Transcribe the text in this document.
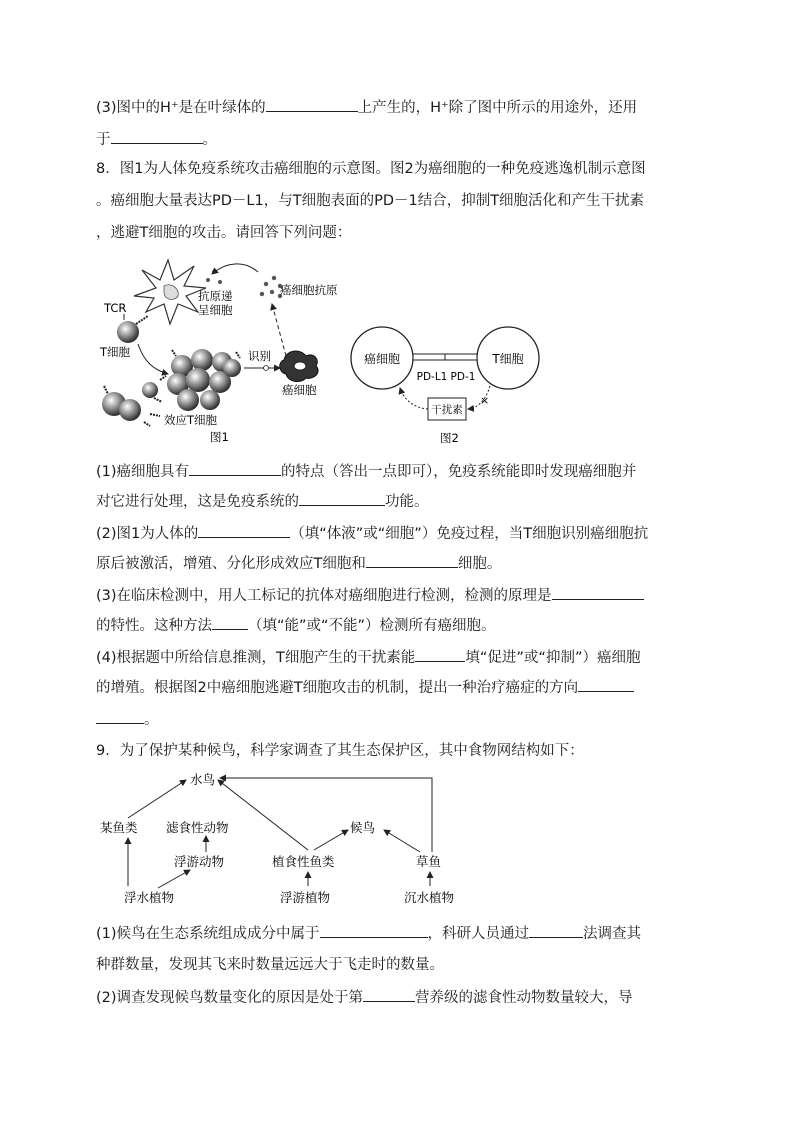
(3)图中的H⁺是在叶绿体的	上产生的，H⁺除了图中所示的用途外，还用
于	。
8．图1为人体免疫系统攻击癌细胞的示意图。图2为癌细胞的一种免疫逃逸机制示意图
。癌细胞大量表达PD－L1，与T细胞表面的PD－1结合，抑制T细胞活化和产生干扰素
，逃避T细胞的攻击。请回答下列问题：
癌细胞抗原
抗原递
呈细胞
TCR
T细胞
效应T细胞
识别
癌细胞
图1
癌细胞	T细胞
PD-L1 PD-1
干扰素
×
图2
(1)癌细胞具有	的特点（答出一点即可），免疫系统能即时发现癌细胞并
对它进行处理，这是免疫系统的	功能。
(2)图1为人体的	（填“体液”或“细胞”）免疫过程，当T细胞识别癌细胞抗
原后被激活，增殖、分化形成效应T细胞和	细胞。
(3)在临床检测中，用人工标记的抗体对癌细胞进行检测，检测的原理是
的特性。这种方法 （填“能”或“不能”）检测所有癌细胞。
(4)根据题中所给信息推测，T细胞产生的干扰素能	填“促进”或“抑制”）癌细胞
的增殖。根据图2中癌细胞逃避T细胞攻击的机制，提出一种治疗癌症的方向
。
9．为了保护某种候鸟，科学家调查了其生态保护区，其中食物网结构如下：
水鸟
某鱼类 滤食性动物
浮游动物
候鸟
植食性鱼类	草鱼
浮水植物	浮游植物	沉水植物
(1)候鸟在生态系统组成成分中属于	，科研人员通过	法调查其
种群数量，发现其飞来时数量远远大于飞走时的数量。
(2)调查发现候鸟数量变化的原因是处于第	营养级的滤食性动物数量较大，导
